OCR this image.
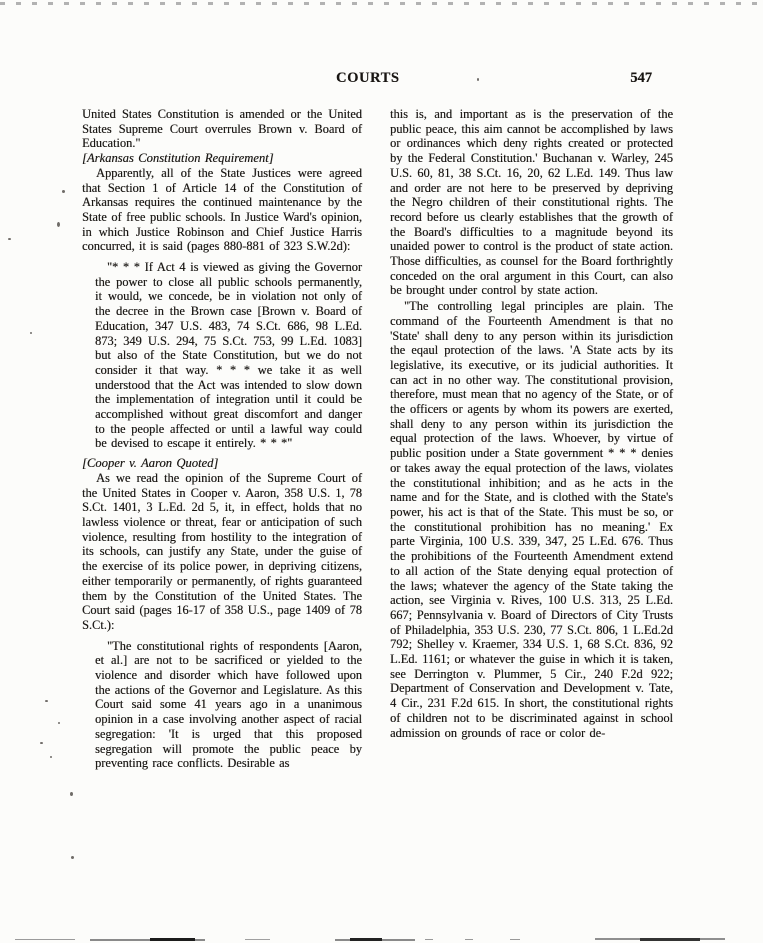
COURTS	547

United States Constitution is amended or the United States Supreme Court overrules Brown v. Board of Education."

[Arkansas Constitution Requirement]

Apparently, all of the State Justices were agreed that Section 1 of Article 14 of the Constitution of Arkansas requires the continued maintenance by the State of free public schools. In Justice Ward's opinion, in which Justice Robinson and Chief Justice Harris concurred, it is said (pages 880-881 of 323 S.W.2d):

"* * * If Act 4 is viewed as giving the Governor the power to close all public schools permanently, it would, we concede, be in violation not only of the decree in the Brown case [Brown v. Board of Education, 347 U.S. 483, 74 S.Ct. 686, 98 L.Ed. 873; 349 U.S. 294, 75 S.Ct. 753, 99 L.Ed. 1083] but also of the State Constitution, but we do not consider it that way. * * * we take it as well understood that the Act was intended to slow down the implementation of integration until it could be accomplished without great discomfort and danger to the people affected or until a lawful way could be devised to escape it entirely. * * *"

[Cooper v. Aaron Quoted]

As we read the opinion of the Supreme Court of the United States in Cooper v. Aaron, 358 U.S. 1, 78 S.Ct. 1401, 3 L.Ed. 2d 5, it, in effect, holds that no lawless violence or threat, fear or anticipation of such violence, resulting from hostility to the integration of its schools, can justify any State, under the guise of the exercise of its police power, in depriving citizens, either temporarily or permanently, of rights guaranteed them by the Constitution of the United States. The Court said (pages 16-17 of 358 U.S., page 1409 of 78 S.Ct.):

"The constitutional rights of respondents [Aaron, et al.] are not to be sacrificed or yielded to the violence and disorder which have followed upon the actions of the Governor and Legislature. As this Court said some 41 years ago in a unanimous opinion in a case involving another aspect of racial segregation: 'It is urged that this proposed segregation will promote the public peace by preventing race conflicts. Desirable as

this is, and important as is the preservation of the public peace, this aim cannot be accomplished by laws or ordinances which deny rights created or protected by the Federal Constitution.' Buchanan v. Warley, 245 U.S. 60, 81, 38 S.Ct. 16, 20, 62 L.Ed. 149. Thus law and order are not here to be preserved by depriving the Negro children of their constitutional rights. The record before us clearly establishes that the growth of the Board's difficulties to a magnitude beyond its unaided power to control is the product of state action. Those difficulties, as counsel for the Board forthrightly conceded on the oral argument in this Court, can also be brought under control by state action.

"The controlling legal principles are plain. The command of the Fourteenth Amendment is that no 'State' shall deny to any person within its jurisdiction the eqaul protection of the laws. 'A State acts by its legislative, its executive, or its judicial authorities. It can act in no other way. The constitutional provision, therefore, must mean that no agency of the State, or of the officers or agents by whom its powers are exerted, shall deny to any person within its jurisdiction the equal protection of the laws. Whoever, by virtue of public position under a State government * * * denies or takes away the equal protection of the laws, violates the constitutional inhibition; and as he acts in the name and for the State, and is clothed with the State's power, his act is that of the State. This must be so, or the constitutional prohibition has no meaning.' Ex parte Virginia, 100 U.S. 339, 347, 25 L.Ed. 676. Thus the prohibitions of the Fourteenth Amendment extend to all action of the State denying equal protection of the laws; whatever the agency of the State taking the action, see Virginia v. Rives, 100 U.S. 313, 25 L.Ed. 667; Pennsylvania v. Board of Directors of City Trusts of Philadelphia, 353 U.S. 230, 77 S.Ct. 806, 1 L.Ed.2d 792; Shelley v. Kraemer, 334 U.S. 1, 68 S.Ct. 836, 92 L.Ed. 1161; or whatever the guise in which it is taken, see Derrington v. Plummer, 5 Cir., 240 F.2d 922; Department of Conservation and Development v. Tate, 4 Cir., 231 F.2d 615. In short, the constitutional rights of children not to be discriminated against in school admission on grounds of race or color de-
